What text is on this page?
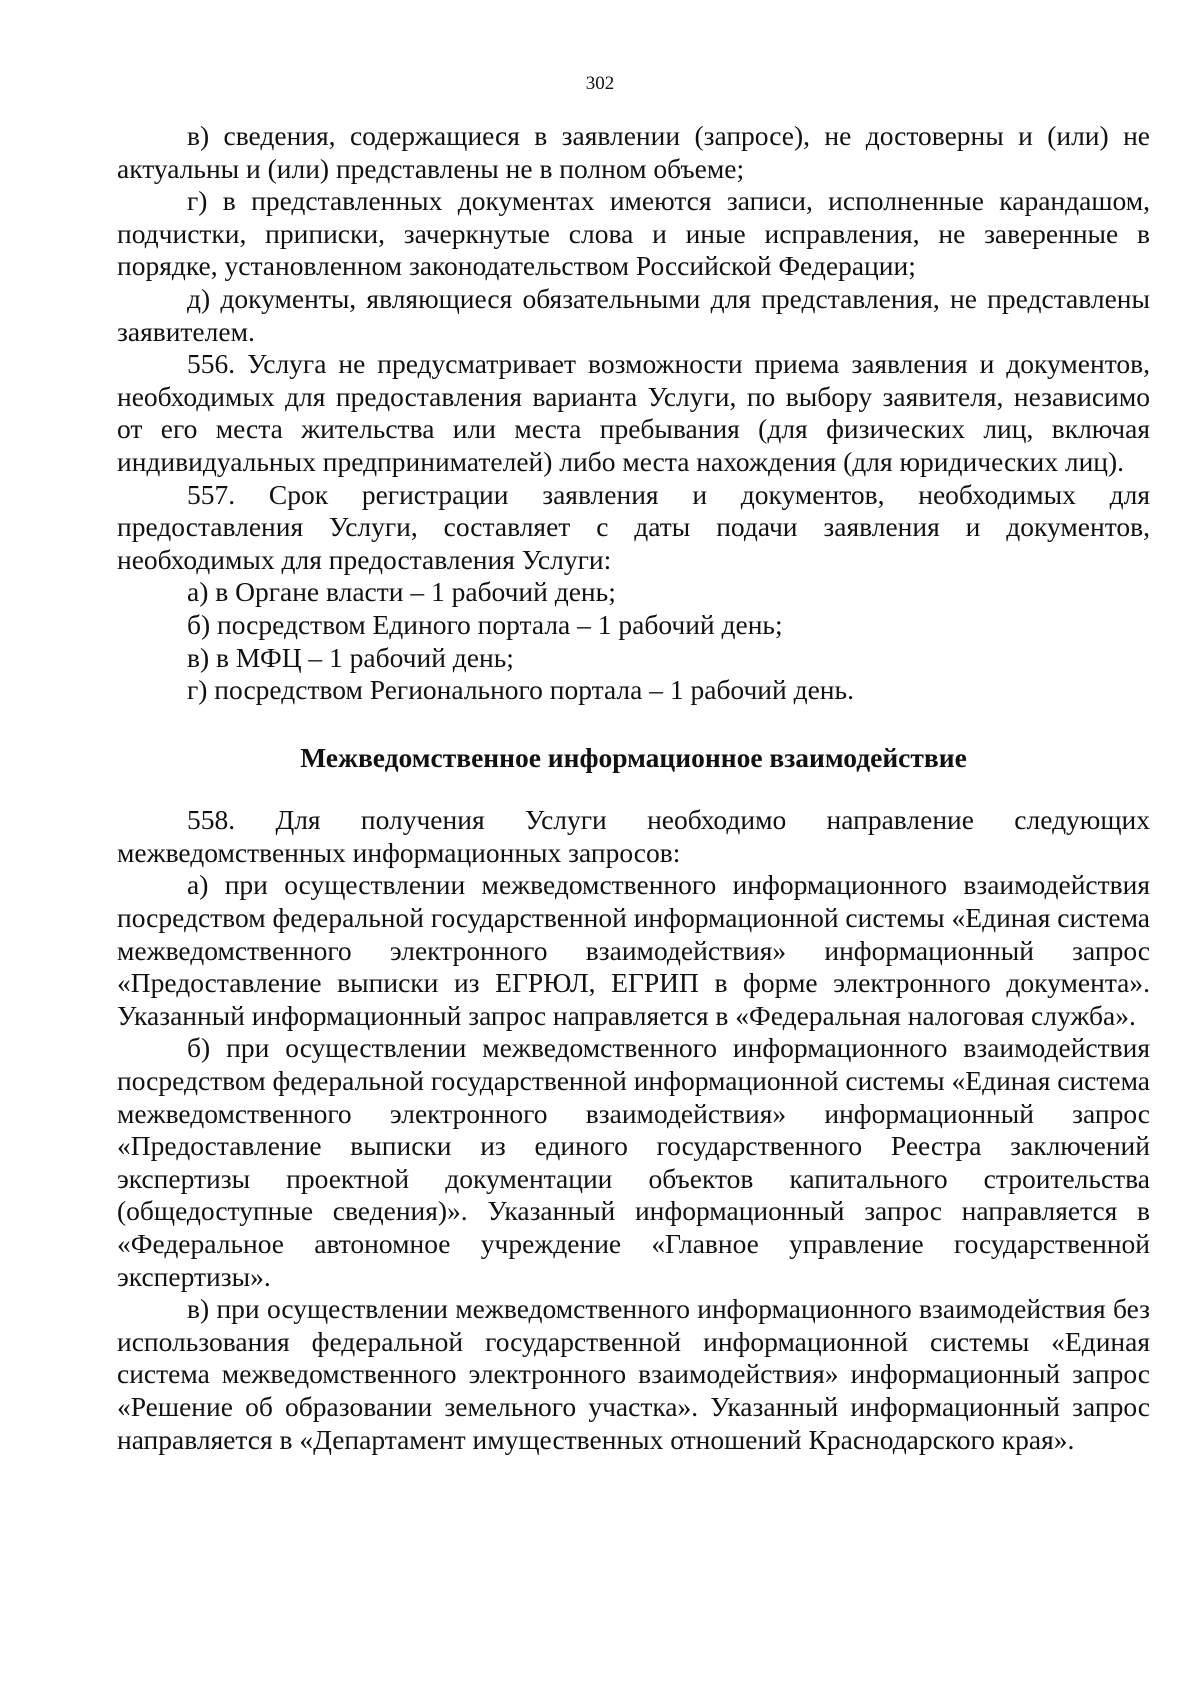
302

в) сведения, содержащиеся в заявлении (запросе), не достоверны и (или) не актуальны и (или) представлены не в полном объеме;

г) в представленных документах имеются записи, исполненные карандашом, подчистки, приписки, зачеркнутые слова и иные исправления, не заверенные в порядке, установленном законодательством Российской Федерации;

д) документы, являющиеся обязательными для представления, не представлены заявителем.

556. Услуга не предусматривает возможности приема заявления и документов, необходимых для предоставления варианта Услуги, по выбору заявителя, независимо от его места жительства или места пребывания (для физических лиц, включая индивидуальных предпринимателей) либо места нахождения (для юридических лиц).

557. Срок регистрации заявления и документов, необходимых для предоставления Услуги, составляет с даты подачи заявления и документов, необходимых для предоставления Услуги:

а) в Органе власти – 1 рабочий день;

б) посредством Единого портала – 1 рабочий день;

в) в МФЦ – 1 рабочий день;

г) посредством Регионального портала – 1 рабочий день.

Межведомственное информационное взаимодействие

558. Для получения Услуги необходимо направление следующих межведомственных информационных запросов:

а) при осуществлении межведомственного информационного взаимодействия посредством федеральной государственной информационной системы «Единая система межведомственного электронного взаимодействия» информационный запрос «Предоставление выписки из ЕГРЮЛ, ЕГРИП в форме электронного документа». Указанный информационный запрос направляется в «Федеральная налоговая служба».

б) при осуществлении межведомственного информационного взаимодействия посредством федеральной государственной информационной системы «Единая система межведомственного электронного взаимодействия» информационный запрос «Предоставление выписки из единого государственного Реестра заключений экспертизы проектной документации объектов капитального строительства (общедоступные сведения)». Указанный информационный запрос направляется в «Федеральное автономное учреждение «Главное управление государственной экспертизы».

в) при осуществлении межведомственного информационного взаимодействия без использования федеральной государственной информационной системы «Единая система межведомственного электронного взаимодействия» информационный запрос «Решение об образовании земельного участка». Указанный информационный запрос направляется в «Департамент имущественных отношений Краснодарского края».
